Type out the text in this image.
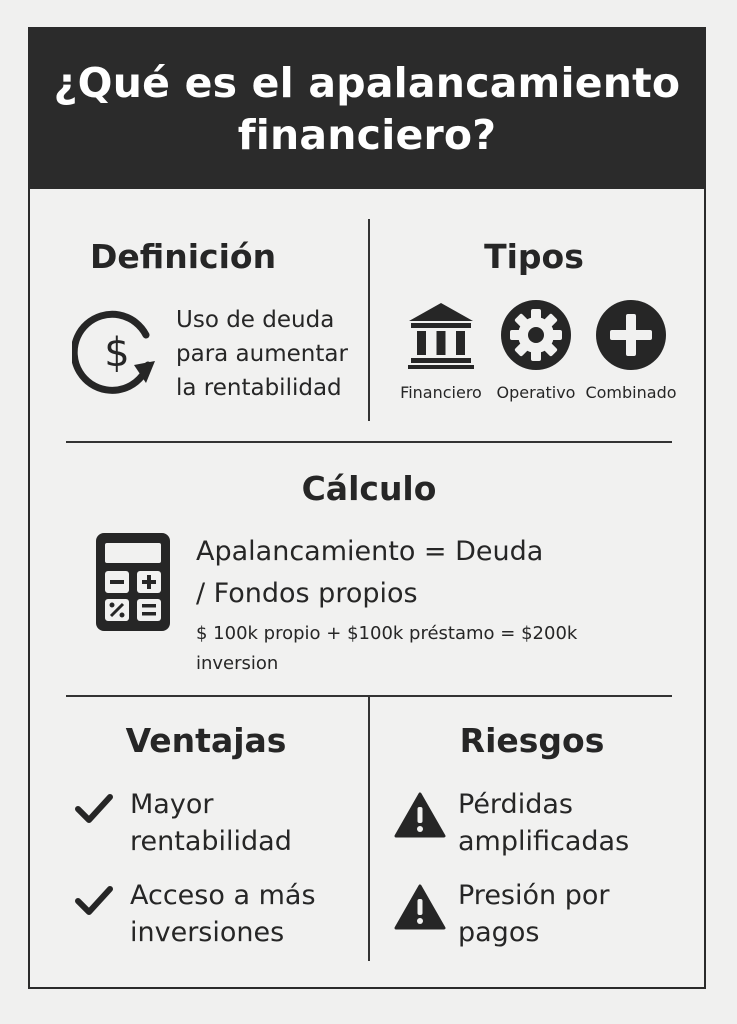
¿Qué es el apalancamiento
financiero?
Definición
$
Uso de deuda
para aumentar
la rentabilidad
Tipos
Financiero Operativo Combinado
Cálculo
Apalancamiento = Deuda
/ Fondos propios
$ 100k propio + $100k préstamo = $200k
inversion
Ventajas
Mayor
rentabilidad
Acceso a más
inversiones
Riesgos
Pérdidas
amplificadas
Presión por
pagos
